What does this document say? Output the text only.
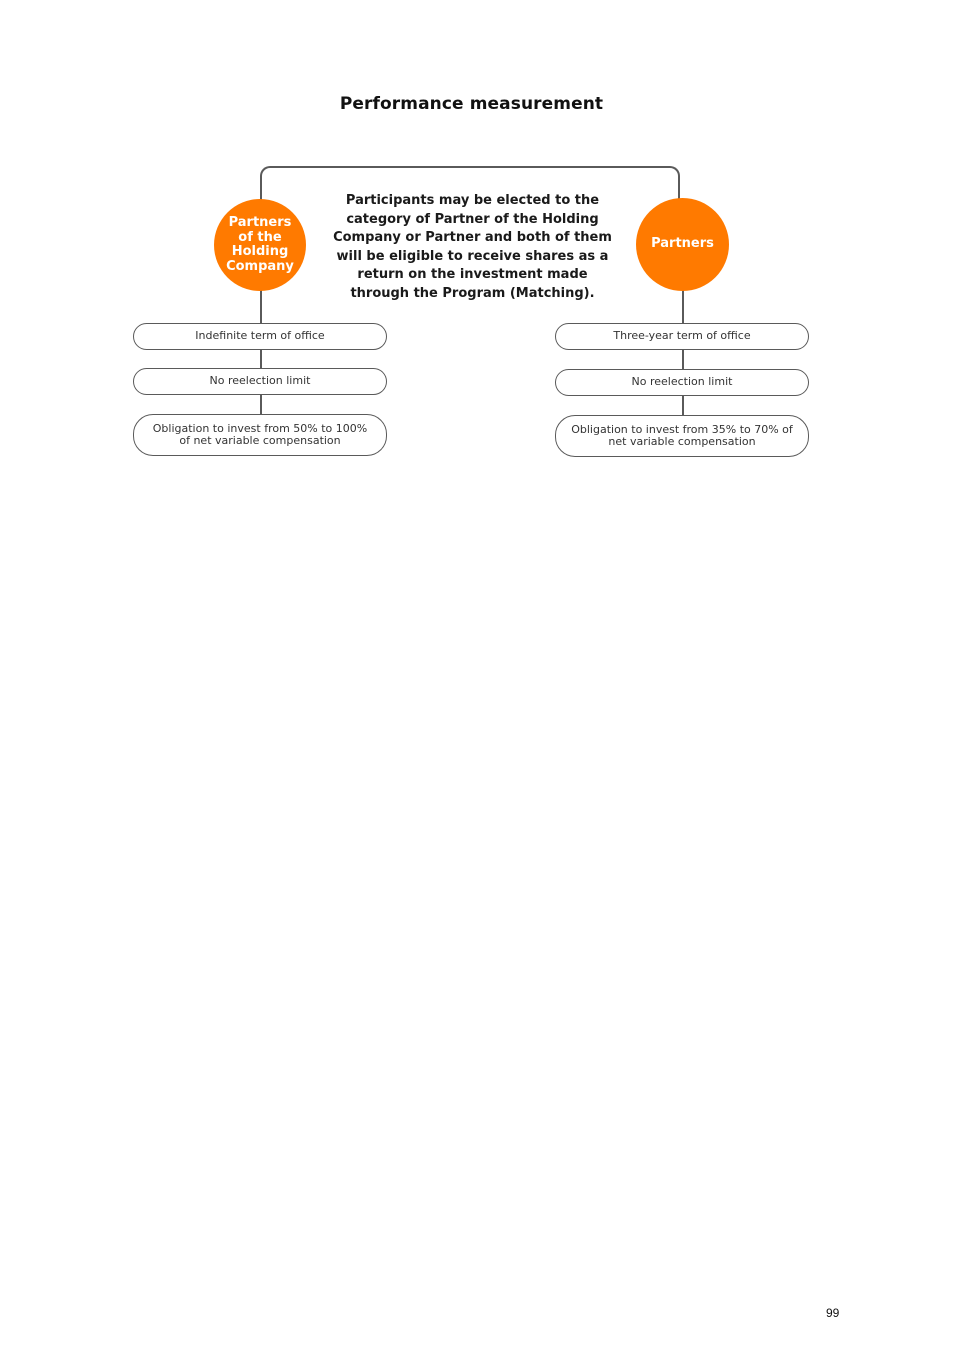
Performance measurement
Partners
of the
Holding
Company
Partners
Participants may be elected to the category of Partner of the Holding Company or Partner and both of them will be eligible to receive shares as a return on the investment made through the Program (Matching).
Indefinite term of office
No reelection limit
Obligation to invest from 50% to 100% of net variable compensation
Three-year term of office
No reelection limit
Obligation to invest from 35% to 70% of net variable compensation
99
